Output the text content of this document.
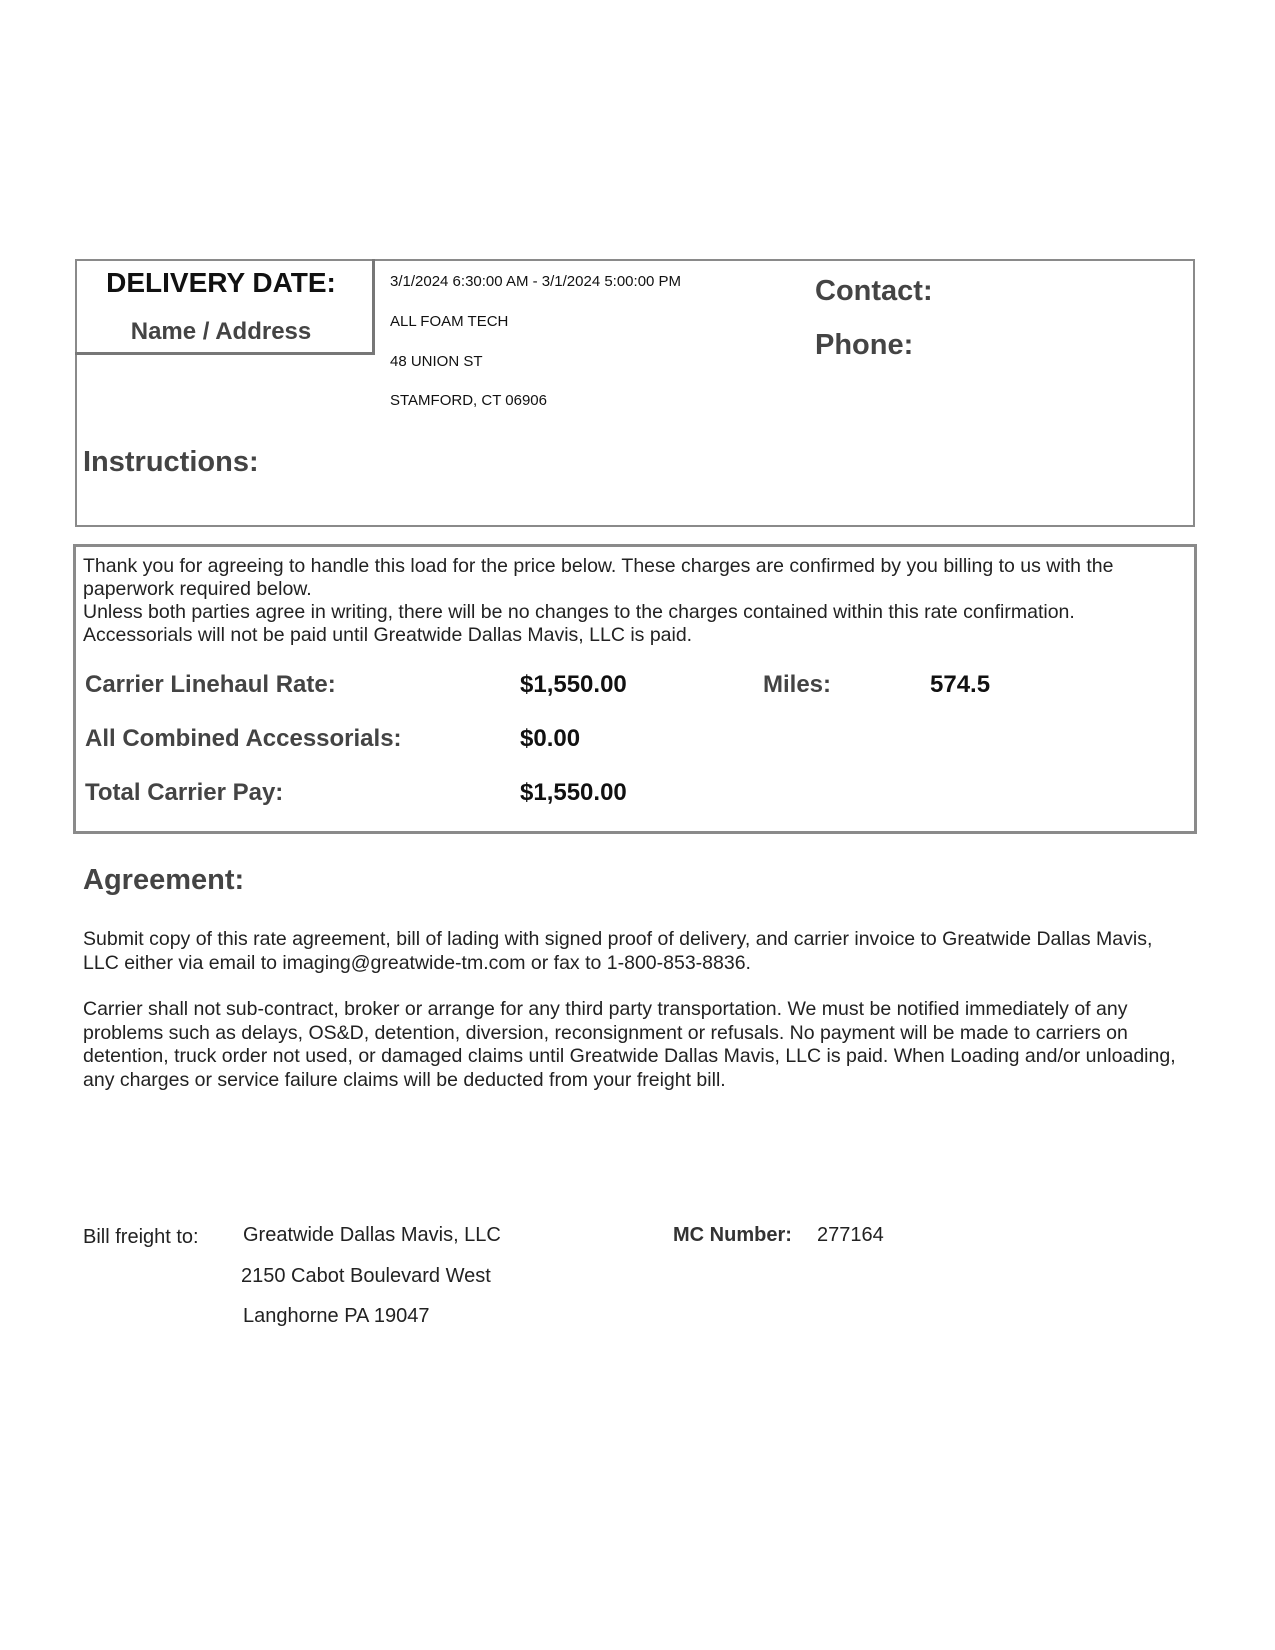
DELIVERY DATE:
Name / Address
3/1/2024 6:30:00 AM - 3/1/2024 5:00:00 PM
ALL FOAM TECH
48 UNION ST
STAMFORD, CT 06906
Contact:
Phone:
Instructions:
Thank you for agreeing to handle this load for the price below. These charges are confirmed by you billing to us with the paperwork required below.
Unless both parties agree in writing, there will be no changes to the charges contained within this rate confirmation.
Accessorials will not be paid until Greatwide Dallas Mavis, LLC is paid.
Carrier Linehaul Rate:	$1,550.00	Miles:	574.5
All Combined Accessorials:	$0.00
Total Carrier Pay:	$1,550.00
Agreement:
Submit copy of this rate agreement, bill of lading with signed proof of delivery, and carrier invoice to Greatwide Dallas Mavis, LLC either via email to imaging@greatwide-tm.com or fax to 1-800-853-8836.
Carrier shall not sub-contract, broker or arrange for any third party transportation. We must be notified immediately of any problems such as delays, OS&D, detention, diversion, reconsignment or refusals. No payment will be made to carriers on detention, truck order not used, or damaged claims until Greatwide Dallas Mavis, LLC is paid. When Loading and/or unloading, any charges or service failure claims will be deducted from your freight bill.
Bill freight to: Greatwide Dallas Mavis, LLC
2150 Cabot Boulevard West
Langhorne PA 19047
MC Number: 277164
